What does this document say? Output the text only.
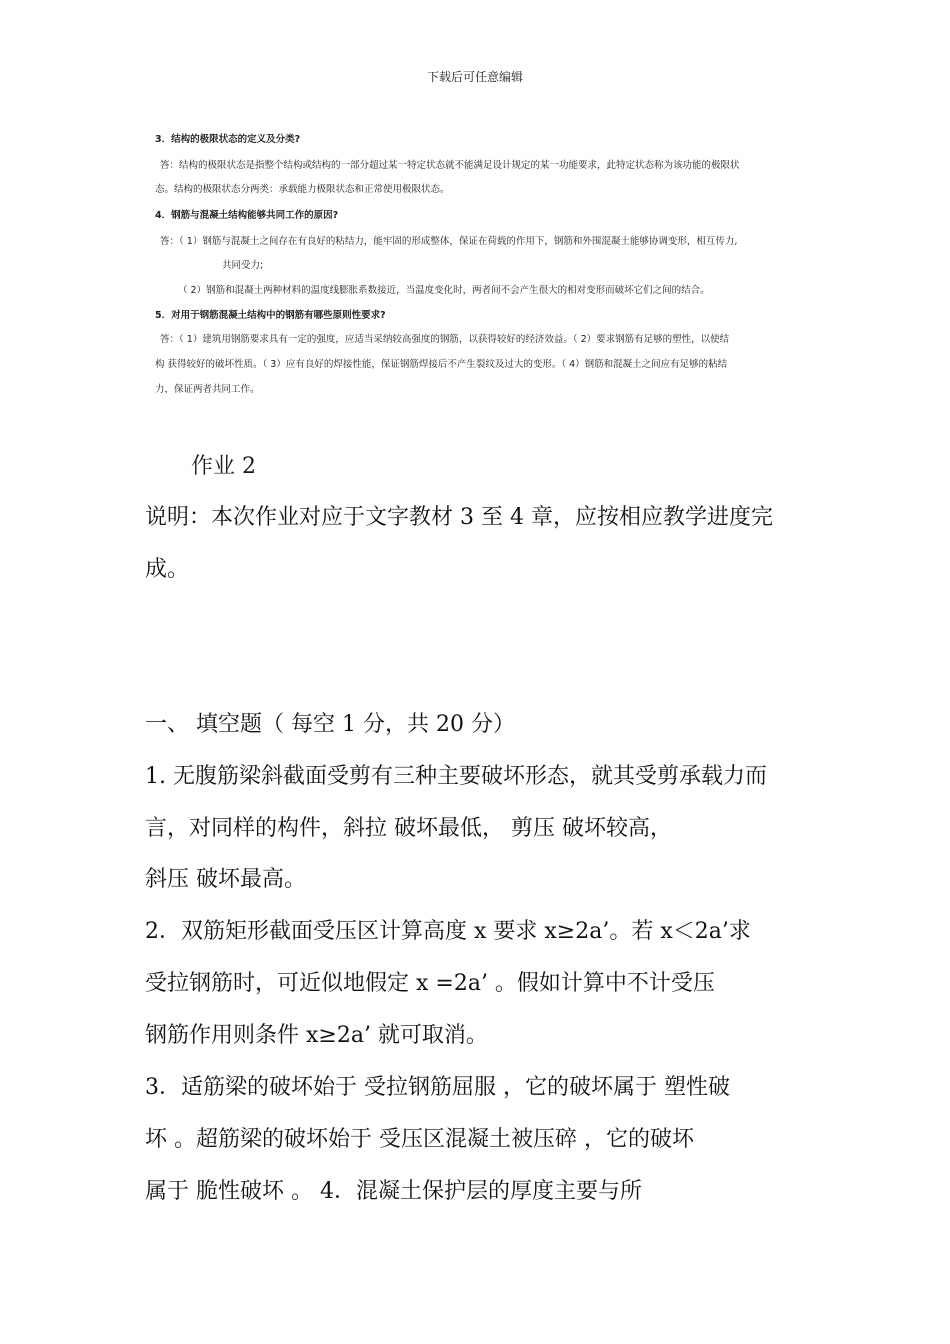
下载后可任意编辑
3．结构的极限状态的定义及分类?
答：结构的极限状态是指整个结构或结构的一部分超过某一特定状态就不能满足设计规定的某一功能要求，此特定状态称为该功能的极限状
态。结构的极限状态分两类：承载能力极限状态和正常使用极限状态。
4．钢筋与混凝土结构能够共同工作的原因?
答：（ 1）钢筋与混凝土之间存在有良好的粘结力，能牢固的形成整体，保证在荷载的作用下，钢筋和外围混凝土能够协调变形，相互传力,
共同受力;
（ 2）钢筋和混凝土两种材料的温度线膨胀系数接近，当温度变化时，两者间不会产生很大的相对变形而破坏它们之间的结合。
5．对用于钢筋混凝土结构中的钢筋有哪些原则性要求?
答：（ 1）建筑用钢筋要求具有一定的强度，应适当采纳较高强度的钢筋，以获得较好的经济效益。（ 2）要求钢筋有足够的塑性，以使结
构 获得较好的破坏性质。（ 3）应有良好的焊接性能，保证钢筋焊接后不产生裂纹及过大的变形。（ 4）钢筋和混凝土之间应有足够的粘结
力，保证两者共同工作。
作业 2
说明：本次作业对应于文字教材 3 至 4 章，应按相应教学进度完
成。
一、 填空题（ 每空 1 分，共 20 分）
1. 无腹筋梁斜截面受剪有三种主要破坏形态，就其受剪承载力而
言，对同样的构件，斜拉 破坏最低， 剪压 破坏较高，
斜压 破坏最高。
2．双筋矩形截面受压区计算高度 x 要求 x≥2a’。若 x＜2a’求
受拉钢筋时，可近似地假定 x =2a’ 。假如计算中不计受压
钢筋作用则条件 x≥2a’ 就可取消。
3．适筋梁的破坏始于 受拉钢筋屈服 ，它的破坏属于 塑性破
坏 。超筋梁的破坏始于 受压区混凝土被压碎 ，它的破坏
属于 脆性破坏 。 4．混凝土保护层的厚度主要与所
